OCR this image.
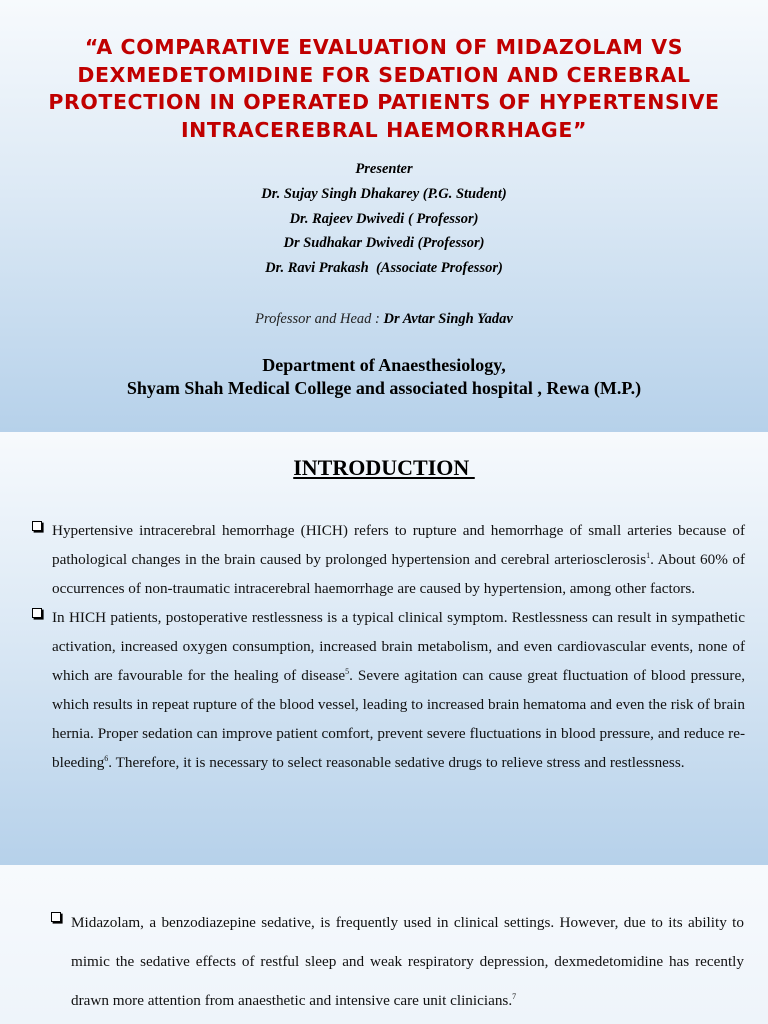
“A COMPARATIVE EVALUATION OF MIDAZOLAM VS DEXMEDETOMIDINE FOR SEDATION AND CEREBRAL PROTECTION IN OPERATED PATIENTS OF HYPERTENSIVE INTRACEREBRAL HAEMORRHAGE”
Presenter
Dr. Sujay Singh Dhakarey (P.G. Student)
Dr. Rajeev Dwivedi ( Professor)
Dr Sudhakar Dwivedi (Professor)
Dr. Ravi Prakash  (Associate Professor)
Professor and Head : Dr Avtar Singh Yadav
Department of Anaesthesiology,
Shyam Shah Medical College and associated hospital , Rewa (M.P.)
INTRODUCTION
Hypertensive intracerebral hemorrhage (HICH) refers to rupture and hemorrhage of small arteries because of pathological changes in the brain caused by prolonged hypertension and cerebral arteriosclerosis$^1$. About 60% of occurrences of non-traumatic intracerebral haemorrhage are caused by hypertension, among other factors.
In HICH patients, postoperative restlessness is a typical clinical symptom. Restlessness can result in sympathetic activation, increased oxygen consumption, increased brain metabolism, and even cardiovascular events, none of which are favourable for the healing of disease$^5$. Severe agitation can cause great fluctuation of blood pressure, which results in repeat rupture of the blood vessel, leading to increased brain hematoma and even the risk of brain hernia. Proper sedation can improve patient comfort, prevent severe fluctuations in blood pressure, and reduce re-bleeding$^6$. Therefore, it is necessary to select reasonable sedative drugs to relieve stress and restlessness.
Midazolam, a benzodiazepine sedative, is frequently used in clinical settings. However, due to its ability to mimic the sedative effects of restful sleep and weak respiratory depression, dexmedetomidine has recently drawn more attention from anaesthetic and intensive care unit clinicians.$^7$
